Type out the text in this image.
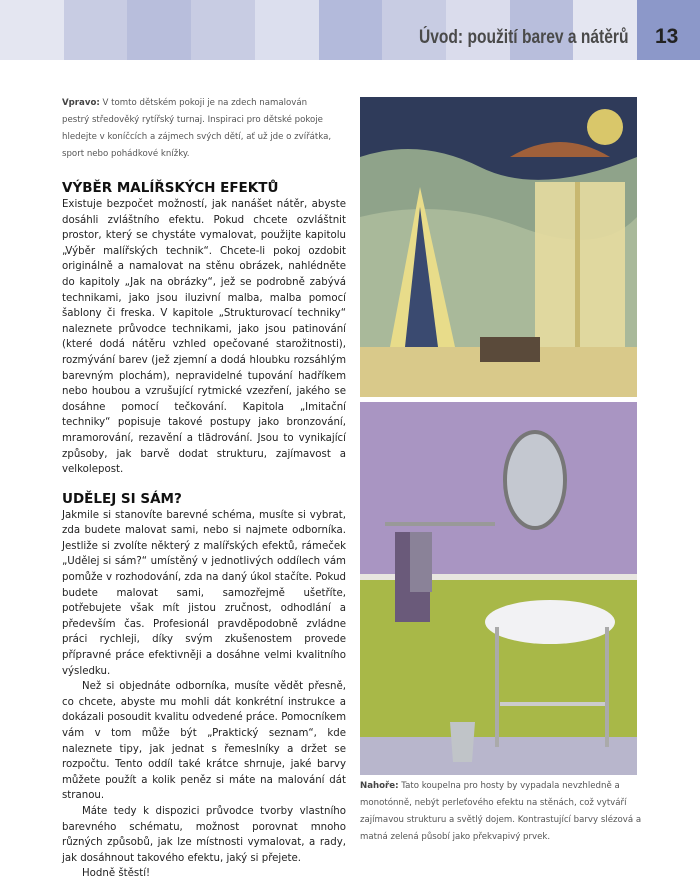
Úvod: použití barev a nátěrů 13
Vpravo: V tomto dětském pokoji je na zdech namalován pestrý středověký rytířský turnaj. Inspiraci pro dětské pokoje hledejte v koníčcích a zájmech svých dětí, ať už jde o zvířátka, sport nebo pohádkové knížky.
VÝBĚR MALÍŘSKÝCH EFEKTŮ

Existuje bezpočet možností, jak nanášet nátěr, abyste dosáhli zvláštního efektu. Pokud chcete ozvláštnit prostor, který se chystáte vymalovat, použijte kapitolu „Výběr malířských technik“. Chcete-li pokoj ozdobit originálně a namalovat na stěnu obrázek, nahlédněte do kapitoly „Jak na obrázky“, jež se podrobně zabývá technikami, jako jsou iluzivní malba, malba pomocí šablony či freska. V kapitole „Strukturovací techniky“ naleznete průvodce technikami, jako jsou patinování (které dodá nátěru vzhled opečované starožitnosti), rozmývání barev (jež zjemní a dodá hloubku rozsáhlým barevným plochám), nepravidelné tupování hadříkem nebo houbou a vzrušující rytmické vzezření, jakého se dosáhne pomocí tečkování. Kapitola „Imitační techniky“ popisuje takové postupy jako bronzování, mramorování, rezavění a tlădrování. Jsou to vynikající způsoby, jak barvě dodat strukturu, zajímavost a velkolepost.

UDĚLEJ SI SÁM?

Jakmile si stanovíte barevné schéma, musíte si vybrat, zda budete malovat sami, nebo si najmete odborníka. Jestliže si zvolíte některý z malířských efektů, rámeček „Udělej si sám?“ umístěný v jednotlivých oddílech vám pomůže v rozhodování, zda na daný úkol stačíte. Pokud budete malovat sami, samozřejmě ušetříte, potřebujete však mít jistou zručnost, odhodlání a především čas. Profesionál pravděpodobně zvládne práci rychleji, díky svým zkušenostem provede přípravné práce efektivněji a dosáhne velmi kvalitního výsledku.

Než si objednáte odborníka, musíte vědět přesně, co chcete, abyste mu mohli dát konkrétní instrukce a dokázali posoudit kvalitu odvedené práce. Pomocníkem vám v tom může být „Praktický seznam“, kde naleznete tipy, jak jednat s řemeslníky a držet se rozpočtu. Tento oddíl také krátce shrnuje, jaké barvy můžete použít a kolik peněz si máte na malování dát stranou.

Máte tedy k dispozici průvodce tvorby vlastního barevného schématu, možnost porovnat mnoho různých způsobů, jak lze místnosti vymalovat, a rady, jak dosáhnout takového efektu, jaký si přejete.

Hodně štěstí!

Nahoře: Tato koupelna pro hosty by vypadala nevzhledně a monotónně, nebýt perleťového efektu na stěnách, což vytváří zajímavou strukturu a světlý dojem. Kontrastující barvy slézová a matná zelená působí jako překvapivý prvek.
